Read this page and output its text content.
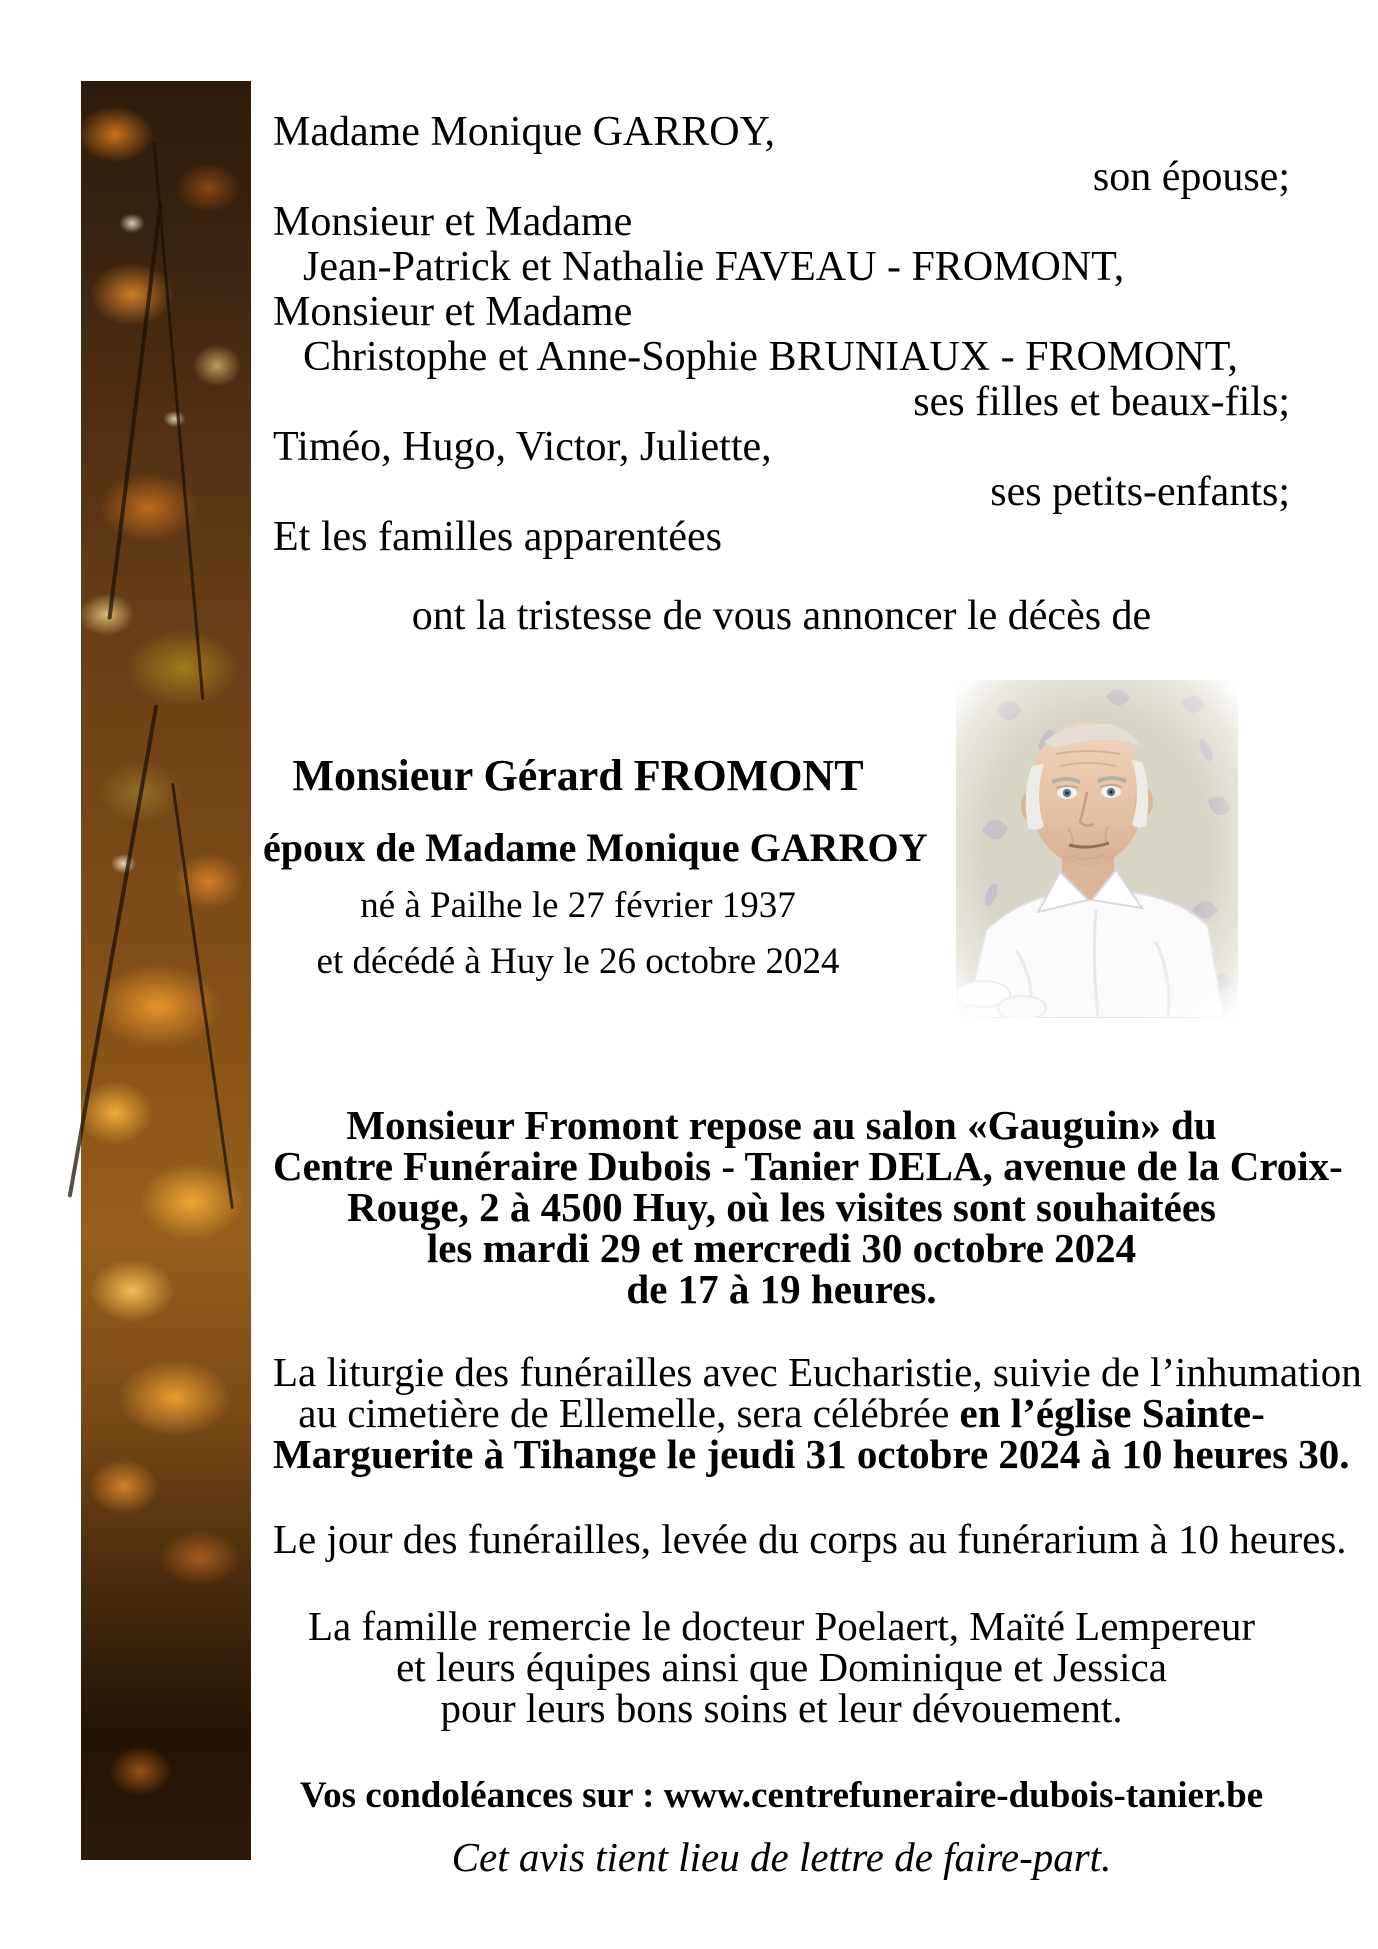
Madame Monique GARROY,
son épouse;
Monsieur et Madame
Jean-Patrick et Nathalie FAVEAU - FROMONT,
Monsieur et Madame
Christophe et Anne-Sophie BRUNIAUX - FROMONT,
ses filles et beaux-fils;
Timéo, Hugo, Victor, Juliette,
ses petits-enfants;
Et les familles apparentées
ont la tristesse de vous annoncer le décès de
Monsieur Gérard FROMONT
époux de Madame Monique GARROY
né à Pailhe le 27 février 1937
et décédé à Huy le 26 octobre 2024
Monsieur Fromont repose au salon «Gauguin» du
Centre Funéraire Dubois - Tanier DELA, avenue de la Croix-
Rouge, 2 à 4500 Huy, où les visites sont souhaitées
les mardi 29 et mercredi 30 octobre 2024
de 17 à 19 heures.
La liturgie des funérailles avec Eucharistie, suivie de l’inhumation
au cimetière de Ellemelle, sera célébrée en l’église Sainte-
Marguerite à Tihange le jeudi 31 octobre 2024 à 10 heures 30.
Le jour des funérailles, levée du corps au funérarium à 10 heures.
La famille remercie le docteur Poelaert, Maïté Lempereur
et leurs équipes ainsi que Dominique et Jessica
pour leurs bons soins et leur dévouement.
Vos condoléances sur : www.centrefuneraire-dubois-tanier.be
Cet avis tient lieu de lettre de faire-part.
